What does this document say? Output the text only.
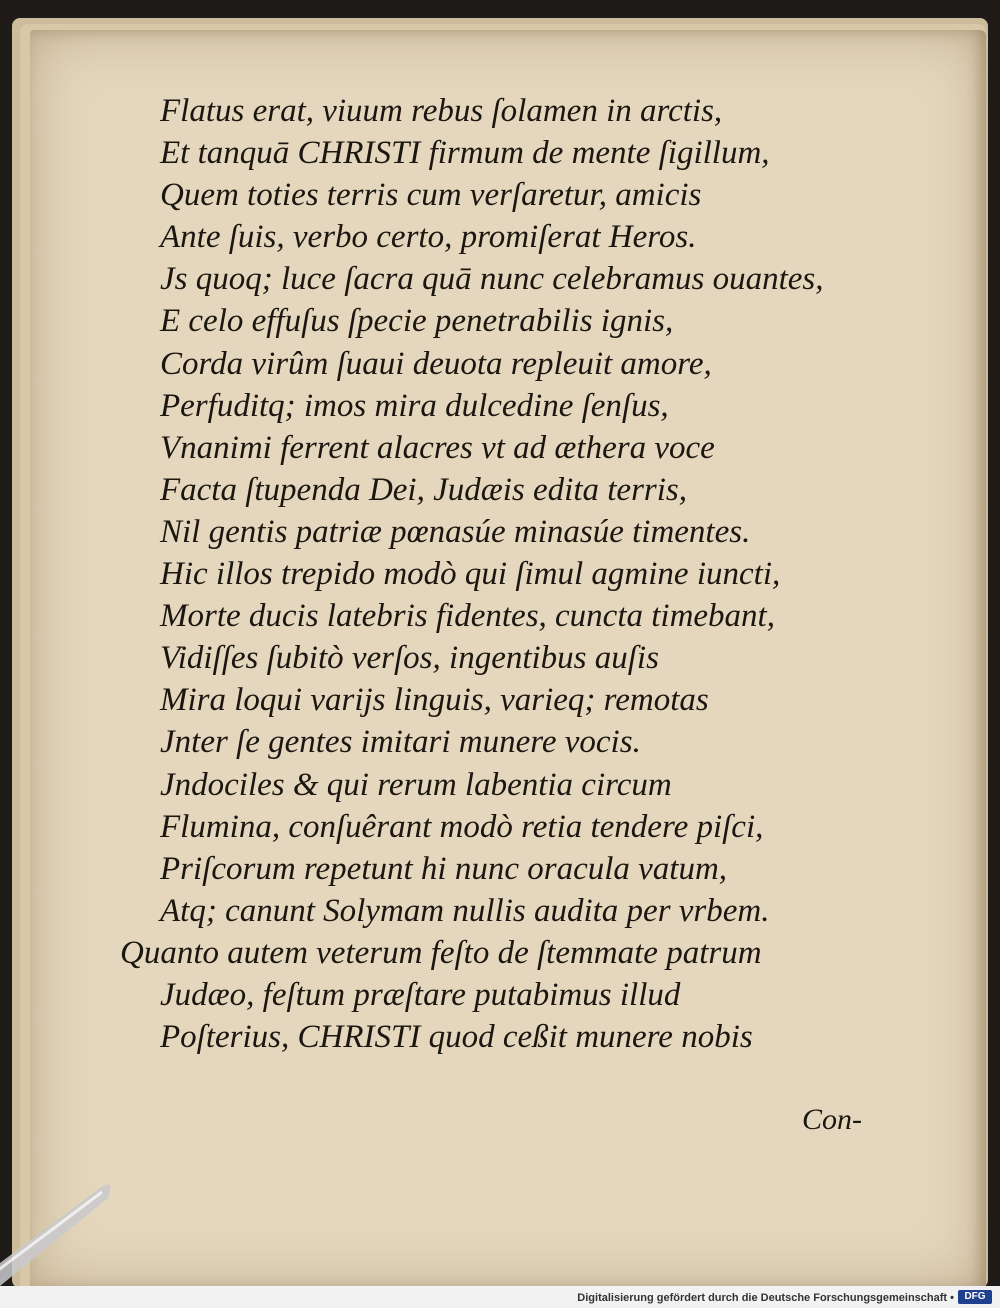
Flatus erat, viuum rebus ſolamen in arctis,
Et tanquā CHRISTI firmum de mente ſigillum,
Quem toties terris cum verſaretur, amicis
Ante ſuis, verbo certo, promiſerat Heros.
Js quoq; luce ſacra quā nunc celebramus ouantes,
E celo effuſus ſpecie penetrabilis ignis,
Corda virûm ſuaui deuota repleuit amore,
Perfuditq; imos mira dulcedine ſenſus,
Vnanimi ferrent alacres vt ad æthera voce
Facta ſtupenda Dei, Judæis edita terris,
Nil gentis patriæ pœnasúe minasúe timentes.
Hic illos trepido modò qui ſimul agmine iuncti,
Morte ducis latebris fidentes, cuncta timebant,
Vidiſſes ſubitò verſos, ingentibus auſis
Mira loqui varijs linguis, varieq; remotas
Jnter ſe gentes imitari munere vocis.
Jndociles & qui rerum labentia circum
Flumina, conſuêrant modò retia tendere piſci,
Priſcorum repetunt hi nunc oracula vatum,
Atq; canunt Solymam nullis audita per vrbem.
Quanto autem veterum feſto de ſtemmate patrum
Judæo, feſtum præſtare putabimus illud
Poſterius, CHRISTI quod ceßit munere nobis
Con-
Digitalisierung gefördert durch die Deutsche Forschungsgemeinschaft •	DFG
